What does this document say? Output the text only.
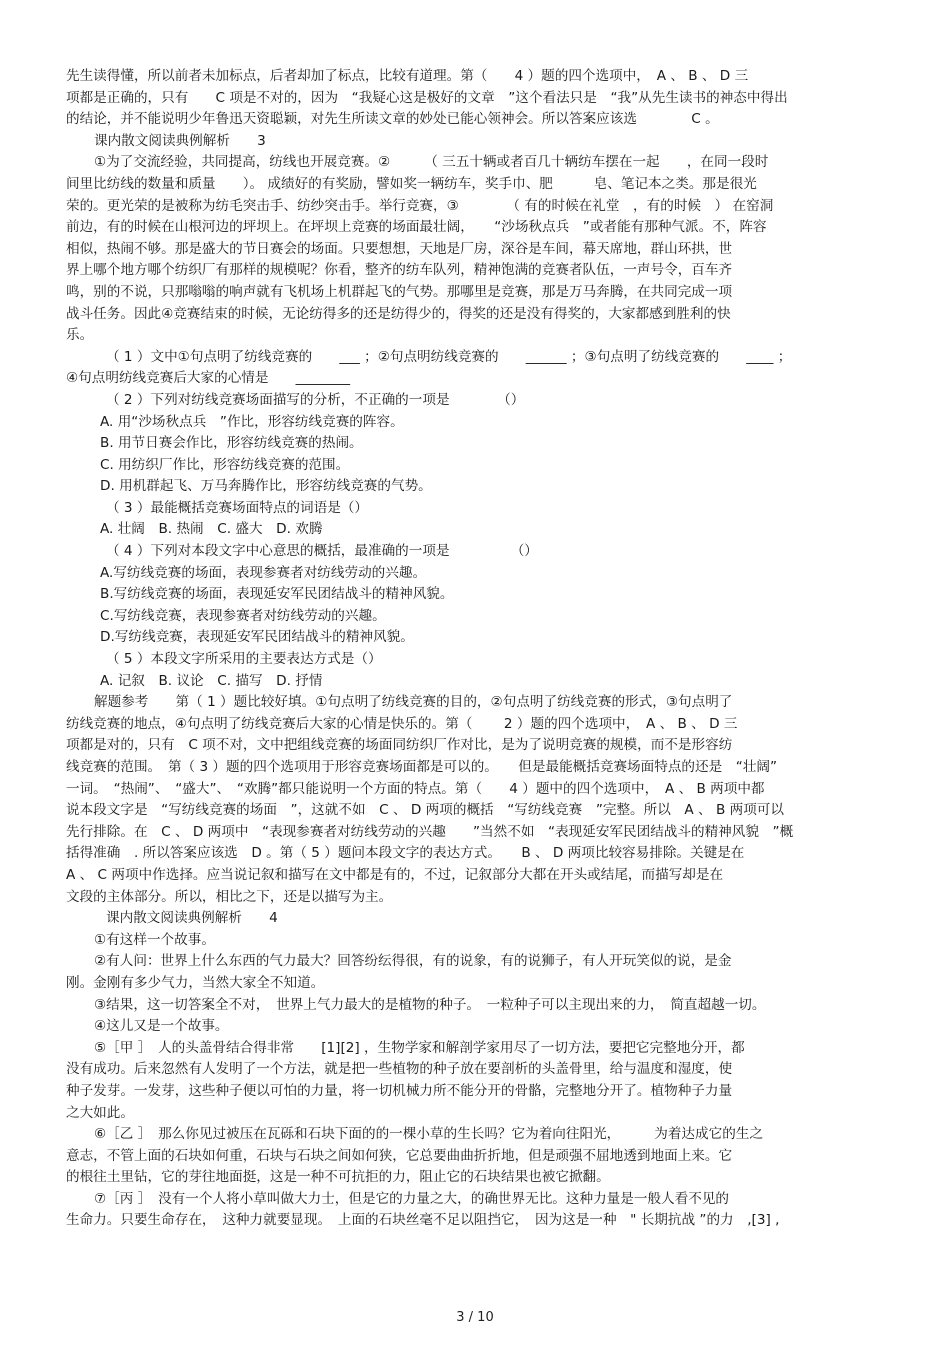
先生读得懂，所以前者未加标点，后者却加了标点，比较有道理。第（　　4 ）题的四个选项中，　A 、 B 、 D 三
项都是正确的，只有　　C 项是不对的，因为　“我疑心这是极好的文章　”这个看法只是　“我”从先生读书的神态中得出
的结论，并不能说明少年鲁迅天资聪颖，对先生所读文章的妙处已能心领神会。所以答案应该选　　　　C 。
课内散文阅读典例解析　　3
①为了交流经验，共同提高，纺线也开展竞赛。②　　　（ 三五十辆或者百几十辆纺车摆在一起　　，在同一段时
间里比纺线的数量和质量　　）。 成绩好的有奖励，譬如奖一辆纺车，奖手巾、肥　　　皂、笔记本之类。那是很光
荣的。更光荣的是被称为纺毛突击手、纺纱突击手。举行竞赛，③　　　　（ 有的时候在礼堂　，有的时候　） 在窑洞
前边，有的时候在山根河边的坪坝上。在坪坝上竞赛的场面最壮阔，　　“沙场秋点兵　”或者能有那种气派。不，阵容
相似，热闹不够。那是盛大的节日赛会的场面。只要想想，天地是厂房，深谷是车间，幕天席地，群山环拱，世
界上哪个地方哪个纺织厂有那样的规模呢？你看，整齐的纺车队列，精神饱满的竞赛者队伍，一声号令，百车齐
鸣，别的不说，只那嗡嗡的响声就有飞机场上机群起飞的气势。那哪里是竞赛，那是万马奔腾，在共同完成一项
战斗任务。因此④竞赛结束的时候，无论纺得多的还是纺得少的，得奖的还是没有得奖的，大家都感到胜利的快
乐。
（ 1 ）文中①句点明了纺线竞赛的　　___ ；②句点明纺线竞赛的　　______ ；③句点明了纺线竞赛的　　____ ；
④句点明纺线竞赛后大家的心情是　　________
（ 2 ）下列对纺线竞赛场面描写的分析，不正确的一项是　　　　（）
A. 用“沙场秋点兵　”作比，形容纺线竞赛的阵容。
B. 用节日赛会作比，形容纺线竞赛的热闹。
C. 用纺织厂作比，形容纺线竞赛的范围。
D. 用机群起飞、万马奔腾作比，形容纺线竞赛的气势。
（ 3 ）最能概括竞赛场面特点的词语是（）
A. 壮阔　B. 热闹　C. 盛大　D. 欢腾
（ 4 ）下列对本段文字中心意思的概括，最准确的一项是　　　　　（）
A.写纺线竞赛的场面，表现参赛者对纺线劳动的兴趣。
B.写纺线竞赛的场面，表现延安军民团结战斗的精神风貌。
C.写纺线竞赛，表现参赛者对纺线劳动的兴趣。
D.写纺线竞赛，表现延安军民团结战斗的精神风貌。
（ 5 ）本段文字所采用的主要表达方式是（）
A. 记叙　B. 议论　C. 描写　D. 抒情
解题参考　　第（ 1 ）题比较好填。①句点明了纺线竞赛的目的，②句点明了纺线竞赛的形式，③句点明了
纺线竞赛的地点，④句点明了纺线竞赛后大家的心情是快乐的。第（　　 2 ）题的四个选项中，　A 、 B 、 D 三
项都是对的，只有　C 项不对，文中把组线竞赛的场面同纺织厂作对比，是为了说明竞赛的规模，而不是形容纺
线竞赛的范围。　第（ 3 ）题的四个选项用于形容竞赛场面都是可以的。　　但是最能概括竞赛场面特点的还是　“壮阔”
一词。　“热闹”、　“盛大”、　“欢腾”都只能说明一个方面的特点。第（　　4 ）题中的四个选项中，　A 、 B 两项中都
说本段文字是　“写纺线竞赛的场面　”，这就不如　C 、 D 两项的概括　“写纺线竞赛　”完整。所以　A 、 B 两项可以
先行排除。在　C 、 D 两项中　“表现参赛者对纺线劳动的兴趣　　”当然不如　“表现延安军民团结战斗的精神风貌　”概
括得准确　. 所以答案应该选　D 。第（ 5 ）题问本段文字的表达方式。　　B 、 D 两项比较容易排除。关键是在
A 、 C 两项中作选择。应当说记叙和描写在文中都是有的，不过，记叙部分大都在开头或结尾，而描写却是在
文段的主体部分。所以，相比之下，还是以描写为主。
课内散文阅读典例解析　　4
①有这样一个故事。
②有人问：世界上什么东西的气力最大？回答纷纭得很，有的说象，有的说狮子，有人开玩笑似的说，是金
刚。金刚有多少气力，当然大家全不知道。
③结果，这一切答案全不对，　世界上气力最大的是植物的种子。　一粒种子可以主现出来的力，　简直超越一切。
④这儿又是一个故事。
⑤［甲 ］　人的头盖骨结合得非常　　[1][2] ，生物学家和解剖学家用尽了一切方法，要把它完整地分开，都
没有成功。后来忽然有人发明了一个方法，就是把一些植物的种子放在要剖析的头盖骨里，给与温度和湿度，使
种子发芽。一发芽，这些种子便以可怕的力量，将一切机械力所不能分开的骨骼，完整地分开了。植物种子力量
之大如此。
⑥［乙 ］　那么你见过被压在瓦砾和石块下面的的一棵小草的生长吗？它为着向往阳光，　　　为着达成它的生之
意志，不管上面的石块如何重，石块与石块之间如何狭，它总要曲曲折折地，但是顽强不屈地透到地面上来。它
的根往土里钻，它的芽往地面挺，这是一种不可抗拒的力，阻止它的石块结果也被它掀翻。
⑦［丙 ］　没有一个人将小草叫做大力士，但是它的力量之大，的确世界无比。这种力量是一般人看不见的
生命力。只要生命存在，　这种力就要显现。　上面的石块丝毫不足以阻挡它，　因为这是一种　" 长期抗战 ”的力　,[3] ,
3 / 10
